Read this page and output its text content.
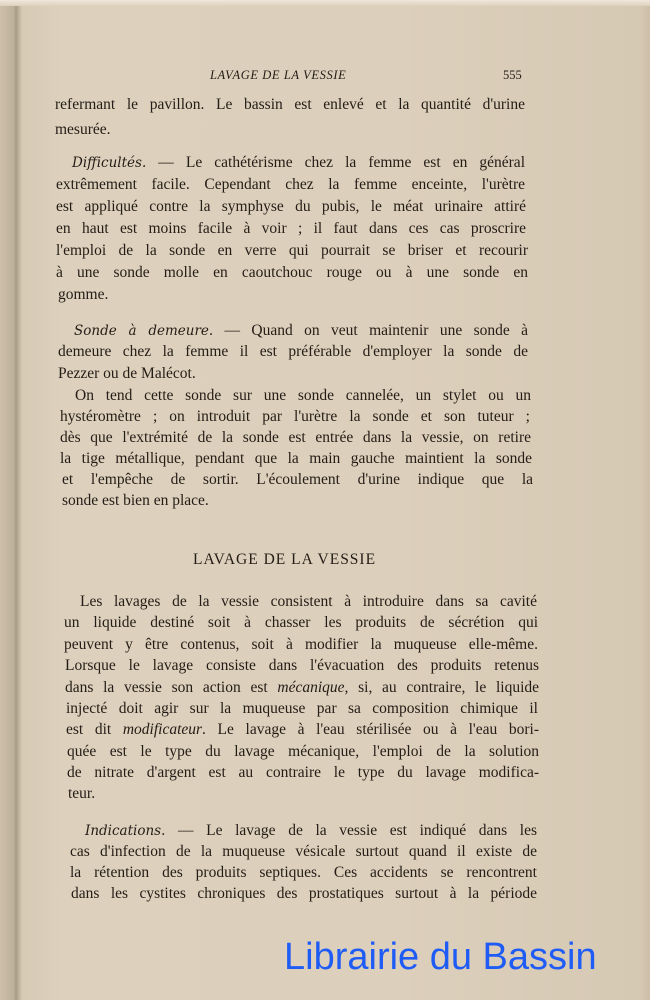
LAVAGE DE LA VESSIE	555
LAVAGE DE LA VESSIE
refermant le pavillon. Le bassin est enlevé et la quantité d'urine
mesurée.
Difficultés. — Le cathétérisme chez la femme est en général
extrêmement facile. Cependant chez la femme enceinte, l'urètre
est appliqué contre la symphyse du pubis, le méat urinaire attiré
en haut est moins facile à voir ; il faut dans ces cas proscrire
l'emploi de la sonde en verre qui pourrait se briser et recourir
à une sonde molle en caoutchouc rouge ou à une sonde en
gomme.
Sonde à demeure. — Quand on veut maintenir une sonde à
demeure chez la femme il est préférable d'employer la sonde de
Pezzer ou de Malécot.
On tend cette sonde sur une sonde cannelée, un stylet ou un
hystéromètre ; on introduit par l'urètre la sonde et son tuteur ;
dès que l'extrémité de la sonde est entrée dans la vessie, on retire
la tige métallique, pendant que la main gauche maintient la sonde
et l'empêche de sortir. L'écoulement d'urine indique que la
sonde est bien en place.
Les lavages de la vessie consistent à introduire dans sa cavité
un liquide destiné soit à chasser les produits de sécrétion qui
peuvent y être contenus, soit à modifier la muqueuse elle-même.
Lorsque le lavage consiste dans l'évacuation des produits retenus
dans la vessie son action est mécanique, si, au contraire, le liquide
injecté doit agir sur la muqueuse par sa composition chimique il
est dit modificateur. Le lavage à l'eau stérilisée ou à l'eau bori-
quée est le type du lavage mécanique, l'emploi de la solution
de nitrate d'argent est au contraire le type du lavage modifica-
teur.
Indications. — Le lavage de la vessie est indiqué dans les
cas d'infection de la muqueuse vésicale surtout quand il existe de
la rétention des produits septiques. Ces accidents se rencontrent
dans les cystites chroniques des prostatiques surtout à la période
Librairie du Bassin
